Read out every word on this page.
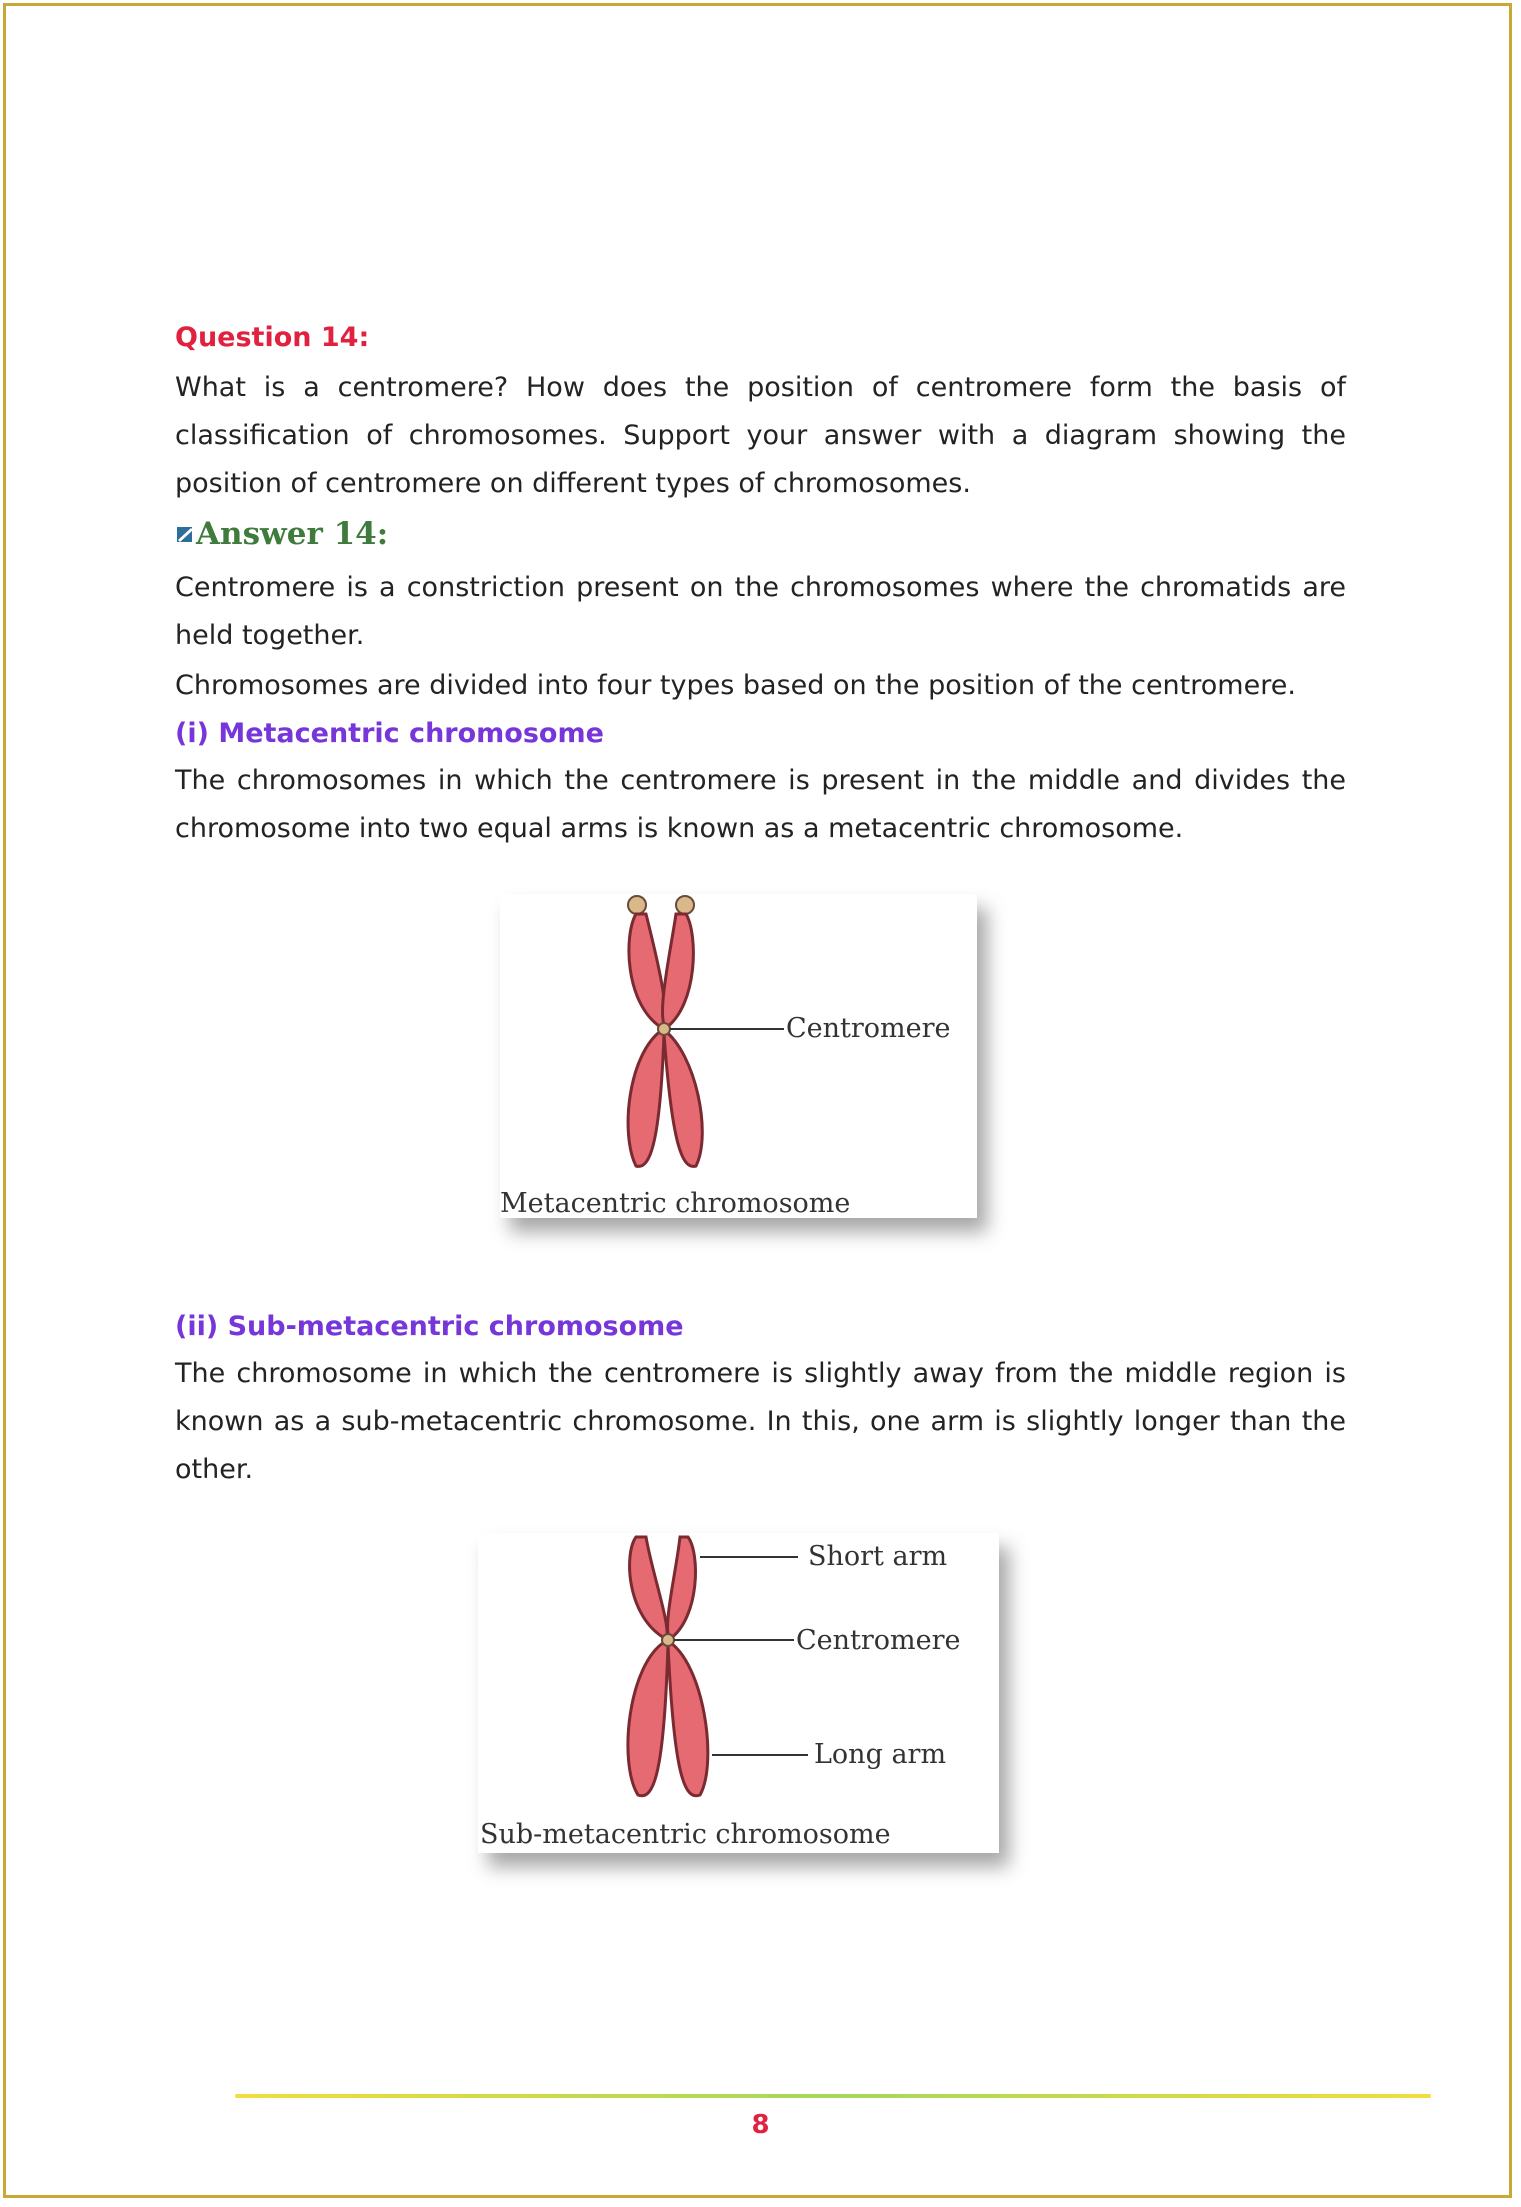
Question 14:
What is a centromere? How does the position of centromere form the basis of classification of chromosomes. Support your answer with a diagram showing the position of centromere on different types of chromosomes.
Answer 14:
Centromere is a constriction present on the chromosomes where the chromatids are held together.
Chromosomes are divided into four types based on the position of the centromere.
(i) Metacentric chromosome
The chromosomes in which the centromere is present in the middle and divides the chromosome into two equal arms is known as a metacentric chromosome.
Centromere
Metacentric chromosome
(ii) Sub-metacentric chromosome
The chromosome in which the centromere is slightly away from the middle region is known as a sub-metacentric chromosome. In this, one arm is slightly longer than the other.
Short arm
Centromere
Long arm
Sub-metacentric chromosome
8
